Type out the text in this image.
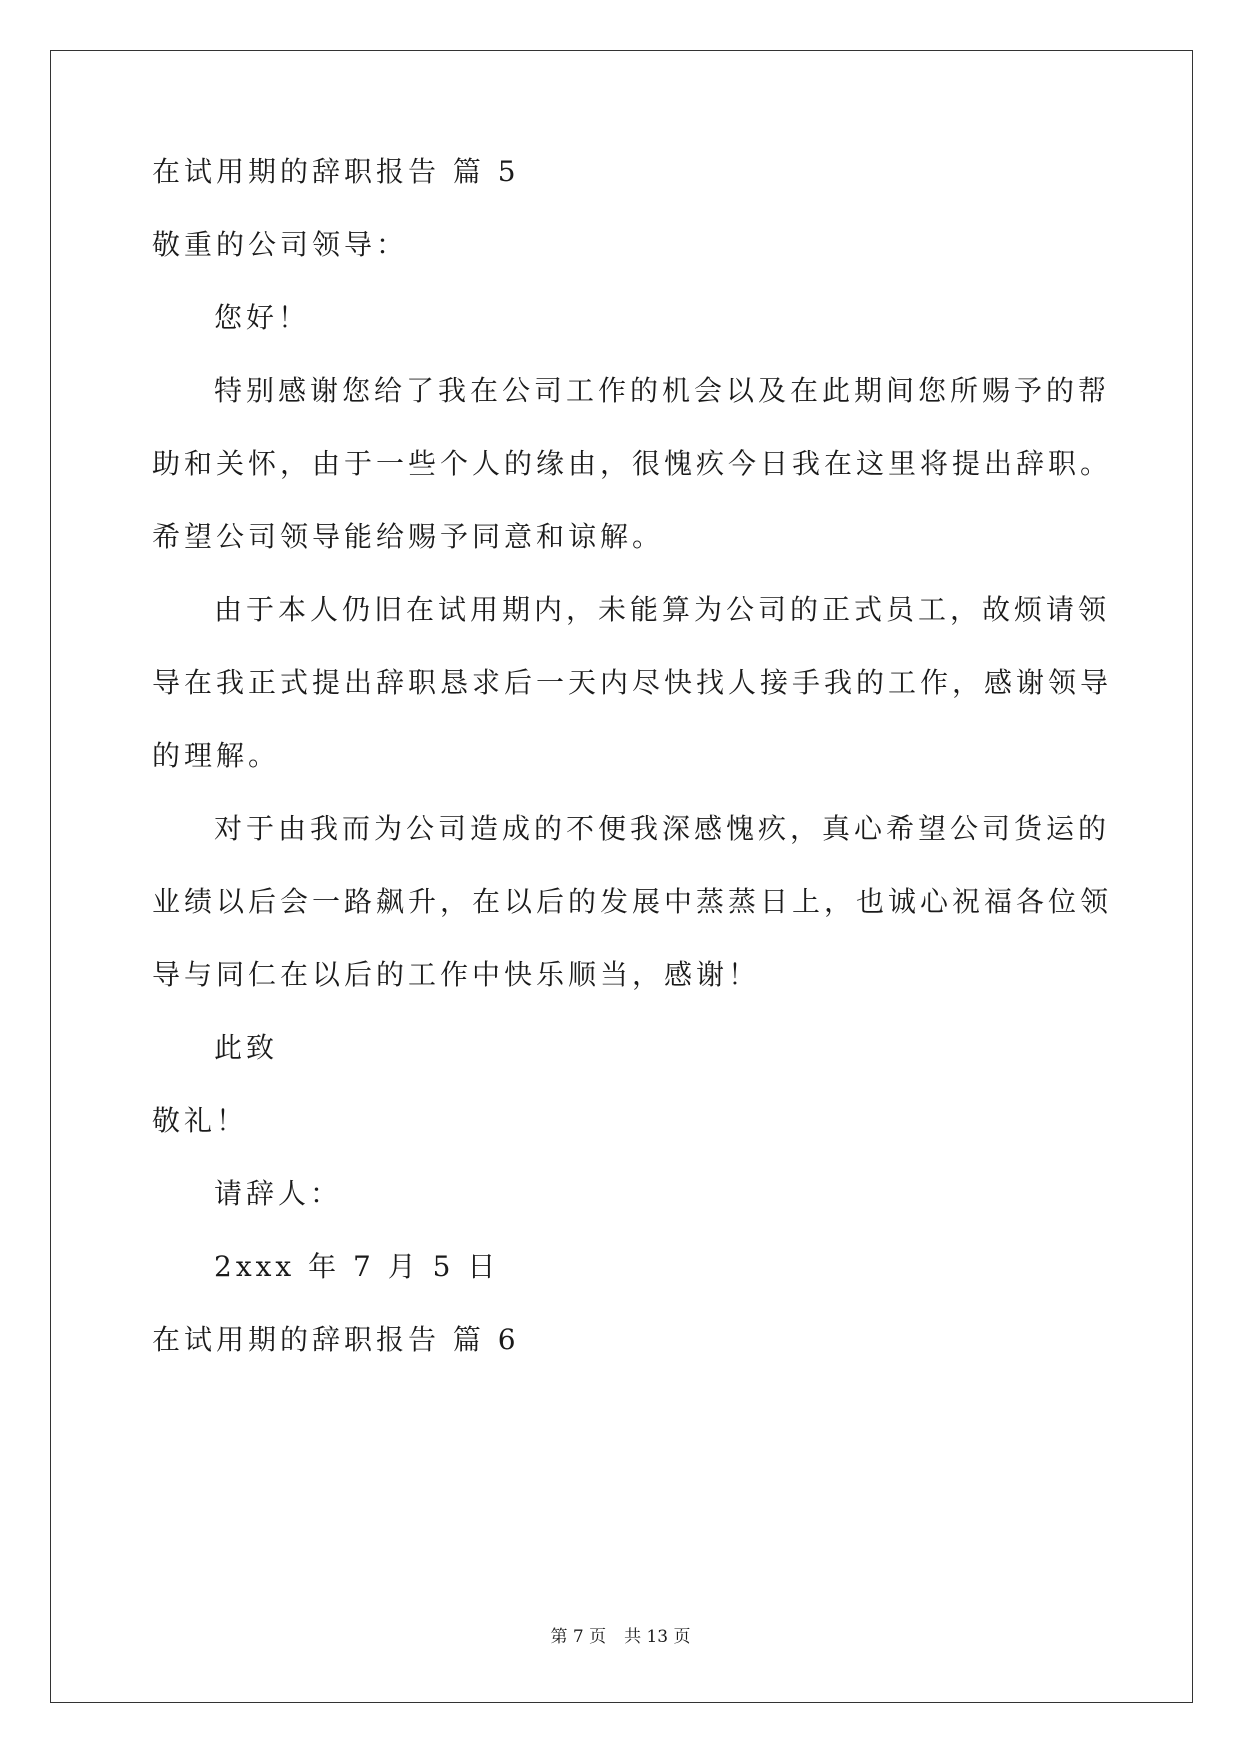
在试用期的辞职报告 篇 5
敬重的公司领导：
您好！
特别感谢您给了我在公司工作的机会以及在此期间您所赐予的帮
助和关怀，由于一些个人的缘由，很愧疚今日我在这里将提出辞职。
希望公司领导能给赐予同意和谅解。
由于本人仍旧在试用期内，未能算为公司的正式员工，故烦请领
导在我正式提出辞职恳求后一天内尽快找人接手我的工作，感谢领导
的理解。
对于由我而为公司造成的不便我深感愧疚，真心希望公司货运的
业绩以后会一路飙升，在以后的发展中蒸蒸日上，也诚心祝福各位领
导与同仁在以后的工作中快乐顺当，感谢！
此致
敬礼！
请辞人：
2xxx 年 7 月 5 日
在试用期的辞职报告 篇 6
第 7 页 共 13 页
